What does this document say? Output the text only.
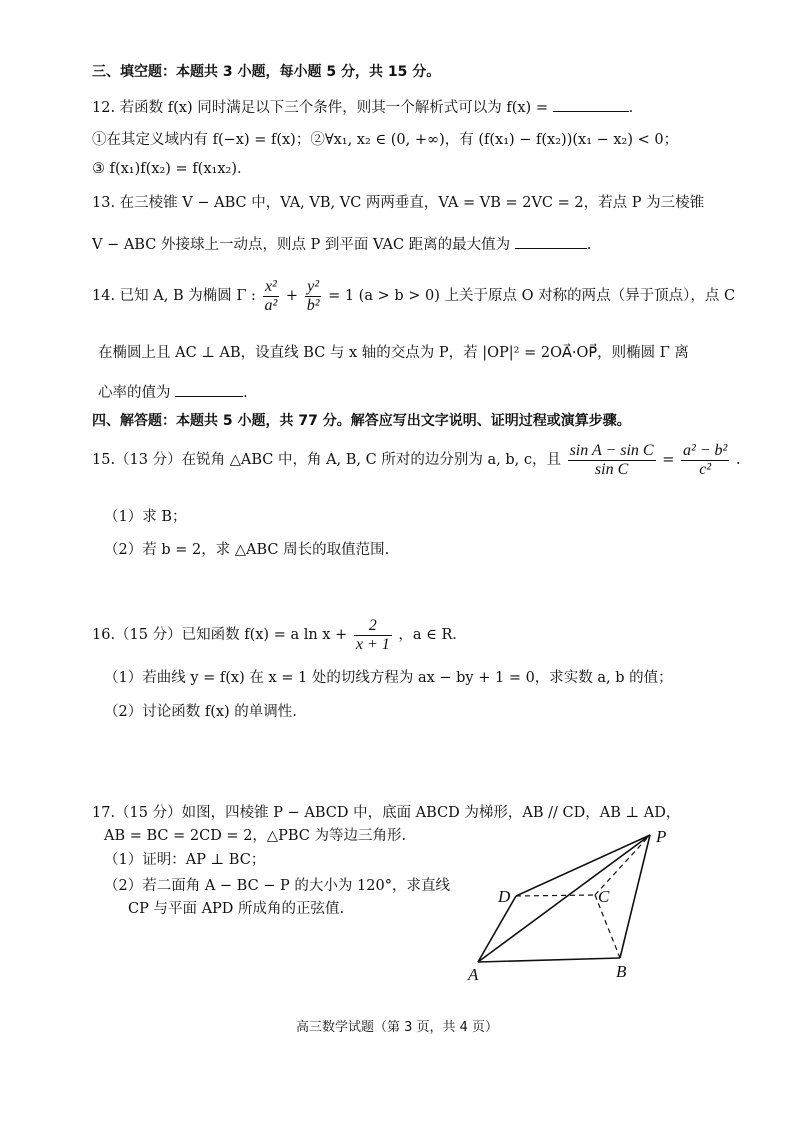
三、填空题：本题共 3 小题，每小题 5 分，共 15 分。
12. 若函数 f(x) 同时满足以下三个条件，则其一个解析式可以为 f(x) =	.
①在其定义域内有 f(−x) = f(x)；②∀x₁, x₂ ∈ (0, +∞)，有 (f(x₁) − f(x₂))(x₁ − x₂) < 0；
③ f(x₁)f(x₂) = f(x₁x₂)．
13. 在三棱锥 V − ABC 中，VA, VB, VC 两两垂直，VA = VB = 2VC = 2，若点 P 为三棱锥
V − ABC 外接球上一动点，则点 P 到平面 VAC 距离的最大值为	.
14. 已知 A, B 为椭圆 Γ : $\frac{\text{x²}}{\text{a²}} + \frac{\text{y²}}{\text{b²}} = 1$ (a > b > 0) 上关于原点 O 对称的两点（异于顶点），点 C
在椭圆上且 AC ⊥ AB，设直线 BC 与 x 轴的交点为 P，若 |OP|² = 2OA⃗·OP⃗，则椭圆 Γ 离
心率的值为	.
四、解答题：本题共 5 小题，共 77 分。解答应写出文字说明、证明过程或演算步骤。
15.（13 分）在锐角 △ABC 中，角 A, B, C 所对的边分别为 a, b, c，且 $\frac{\text{sin A − sin C}}{\text{sin C}} = \frac{\text{a² − b²}}{\text{c²}}$ .
（1）求 B；
（2）若 b = 2，求 △ABC 周长的取值范围.
16.（15 分）已知函数 f(x) = a $\ln x + \frac{2}{x + 1}$ ，a ∈ R．
（1）若曲线 y = f(x) 在 x = 1 处的切线方程为 ax − by + 1 = 0，求实数 a, b 的值；
（2）讨论函数 f(x) 的单调性.
17.（15 分）如图，四棱锥 P − ABCD 中，底面 ABCD 为梯形，AB // CD，AB ⊥ AD，
AB = BC = 2CD = 2，△PBC 为等边三角形.
（1）证明：AP ⊥ BC；
（2）若二面角 A − BC − P 的大小为 120°，求直线
CP 与平面 APD 所成角的正弦值.
P
D	C
A	B
高三数学试题（第 3 页，共 4 页）
